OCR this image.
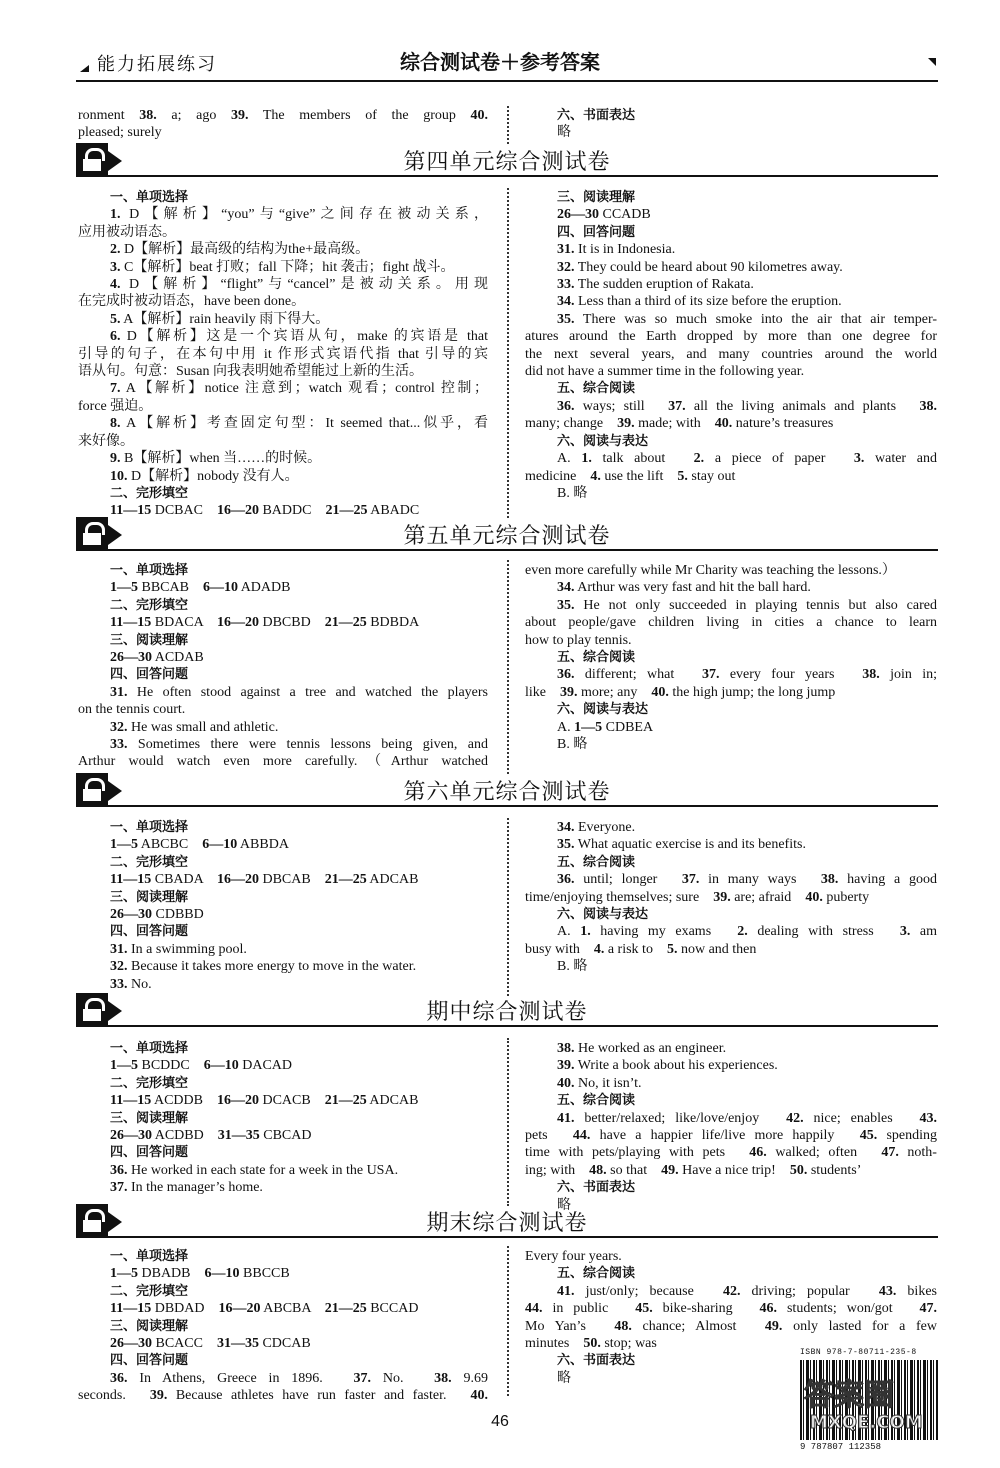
能力拓展练习	综合测试卷＋参考答案

ronment 38. a; ago 39. The members of the group 40.

pleased; surely

六、书面表达

略

第四单元综合测试卷

一、单项选择

1. D【解析】“you”与“give”之间存在被动关系，

应用被动语态。

2. D【解析】最高级的结构为the+最高级。

3. C【解析】beat 打败；fall 下降；hit 袭击；fight 战斗。

4. D【解析】“flight”与“cancel”是被动关系。用现

在完成时被动语态，have been done。

5. A【解析】rain heavily 雨下得大。

6. D【解析】这是一个宾语从句，make 的宾语是 that

引导的句子，在本句中用 it 作形式宾语代指 that 引导的宾

语从句。句意：Susan 向我表明她希望能过上新的生活。

7. A【解析】notice 注意到；watch 观看；control 控制；

force 强迫。

8. A【解析】考查固定句型：It seemed that...似乎，看

来好像。

9. B【解析】when 当……的时候。

10. D【解析】nobody 没有人。

二、完形填空

11—15 DCBAC　16—20 BADDC　21—25 ABADC

三、阅读理解

26—30 CCADB

四、回答问题

31. It is in Indonesia.

32. They could be heard about 90 kilometres away.

33. The sudden eruption of Rakata.

34. Less than a third of its size before the eruption.

35. There was so much smoke into the air that air temper-

atures around the Earth dropped by more than one degree for

the next several years, and many countries around the world

did not have a summer time in the following year.

五、综合阅读

36. ways; still　37. all the living animals and plants　38.

many; change　39. made; with　40. nature’s treasures

六、阅读与表达

A. 1. talk about　2. a piece of paper　3. water and

medicine　4. use the lift　5. stay out

B. 略

第五单元综合测试卷

一、单项选择

1—5 BBCAB　6—10 ADADB

二、完形填空

11—15 BDACA　16—20 DBCBD　21—25 BDBDA

三、阅读理解

26—30 ACDAB

四、回答问题

31. He often stood against a tree and watched the players

on the tennis court.

32. He was small and athletic.

33. Sometimes there were tennis lessons being given, and

Arthur would watch even more carefully.（Arthur watched

even more carefully while Mr Charity was teaching the lessons.）

34. Arthur was very fast and hit the ball hard.

35. He not only succeeded in playing tennis but also cared

about people/gave children living in cities a chance to learn

how to play tennis.

五、综合阅读

36. different; what　37. every four years　38. join in;

like　39. more; any　40. the high jump; the long jump

六、阅读与表达

A. 1—5 CDBEA

B. 略

第六单元综合测试卷

一、单项选择

1—5 ABCBC　6—10 ABBDA

二、完形填空

11—15 CBADA　16—20 DBCAB　21—25 ADCAB

三、阅读理解

26—30 CDBBD

四、回答问题

31. In a swimming pool.

32. Because it takes more energy to move in the water.

33. No.

34. Everyone.

35. What aquatic exercise is and its benefits.

五、综合阅读

36. until; longer　37. in many ways　38. having a good

time/enjoying themselves; sure　39. are; afraid　40. puberty

六、阅读与表达

A. 1. having my exams　2. dealing with stress　3. am

busy with　4. a risk to　5. now and then

B. 略

期中综合测试卷

一、单项选择

1—5 BCDDC　6—10 DACAD

二、完形填空

11—15 ACDDB　16—20 DCACB　21—25 ADCAB

三、阅读理解

26—30 ACDBD　31—35 CBCAD

四、回答问题

36. He worked in each state for a week in the USA.

37. In the manager’s home.

38. He worked as an engineer.

39. Write a book about his experiences.

40. No, it isn’t.

五、综合阅读

41. better/relaxed; like/love/enjoy　42. nice; enables　43.

pets　44. have a happier life/live more happily　45. spending

time with pets/playing with pets　46. walked; often　47. noth-

ing; with　48. so that　49. Have a nice trip!　50. students’

六、书面表达

略

期末综合测试卷

一、单项选择

1—5 DBADB　6—10 BBCCB

二、完形填空

11—15 DBDAD　16—20 ABCBA　21—25 BCCAD

三、阅读理解

26—30 BCACC　31—35 CDCAB

四、回答问题

36. In Athens, Greece in 1896.　37. No.　38. 9.69

seconds.　39. Because athletes have run faster and faster.　40.

Every four years.

五、综合阅读

41. just/only; because　42. driving; popular　43. bikes

44. in public　45. bike-sharing　46. students; won/got　47.

Mo Yan’s　48. chance; Almost　49. only lasted for a few

minutes　50. stop; was

六、书面表达

略

46
ISBN 978-7-80711-235-8
9 787807 112358
答案圈
MXQE.COM
